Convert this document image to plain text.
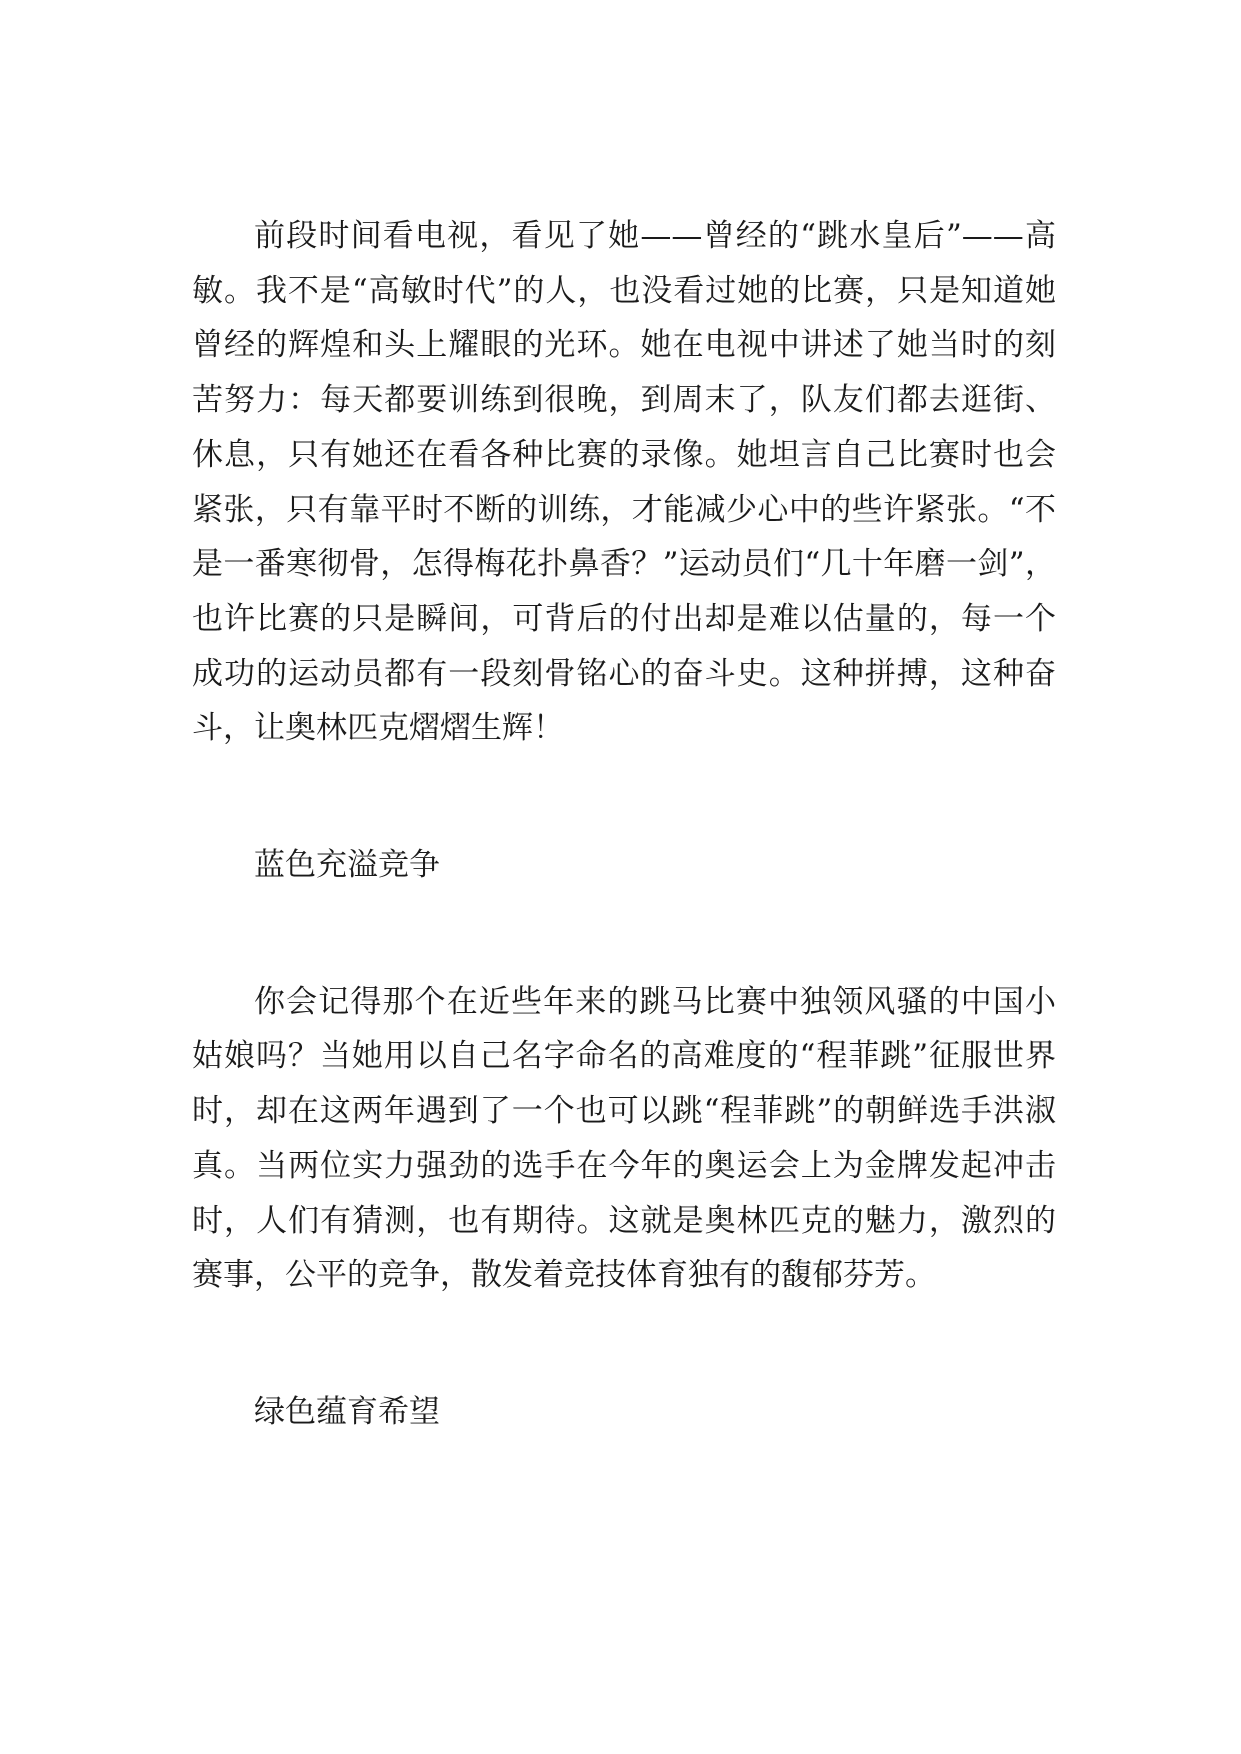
前段时间看电视，看见了她——曾经的“跳水皇后”——高敏。我不是“高敏时代”的人，也没看过她的比赛，只是知道她曾经的辉煌和头上耀眼的光环。她在电视中讲述了她当时的刻苦努力：每天都要训练到很晚，到周末了，队友们都去逛街、休息，只有她还在看各种比赛的录像。她坦言自己比赛时也会紧张，只有靠平时不断的训练，才能减少心中的些许紧张。“不是一番寒彻骨，怎得梅花扑鼻香？”运动员们“几十年磨一剑”，也许比赛的只是瞬间，可背后的付出却是难以估量的，每一个成功的运动员都有一段刻骨铭心的奋斗史。这种拼搏，这种奋斗，让奥林匹克熠熠生辉！

蓝色充溢竞争

你会记得那个在近些年来的跳马比赛中独领风骚的中国小姑娘吗？当她用以自己名字命名的高难度的“程菲跳”征服世界时，却在这两年遇到了一个也可以跳“程菲跳”的朝鲜选手洪淑真。当两位实力强劲的选手在今年的奥运会上为金牌发起冲击时，人们有猜测，也有期待。这就是奥林匹克的魅力，激烈的赛事，公平的竞争，散发着竞技体育独有的馥郁芬芳。

绿色蕴育希望
